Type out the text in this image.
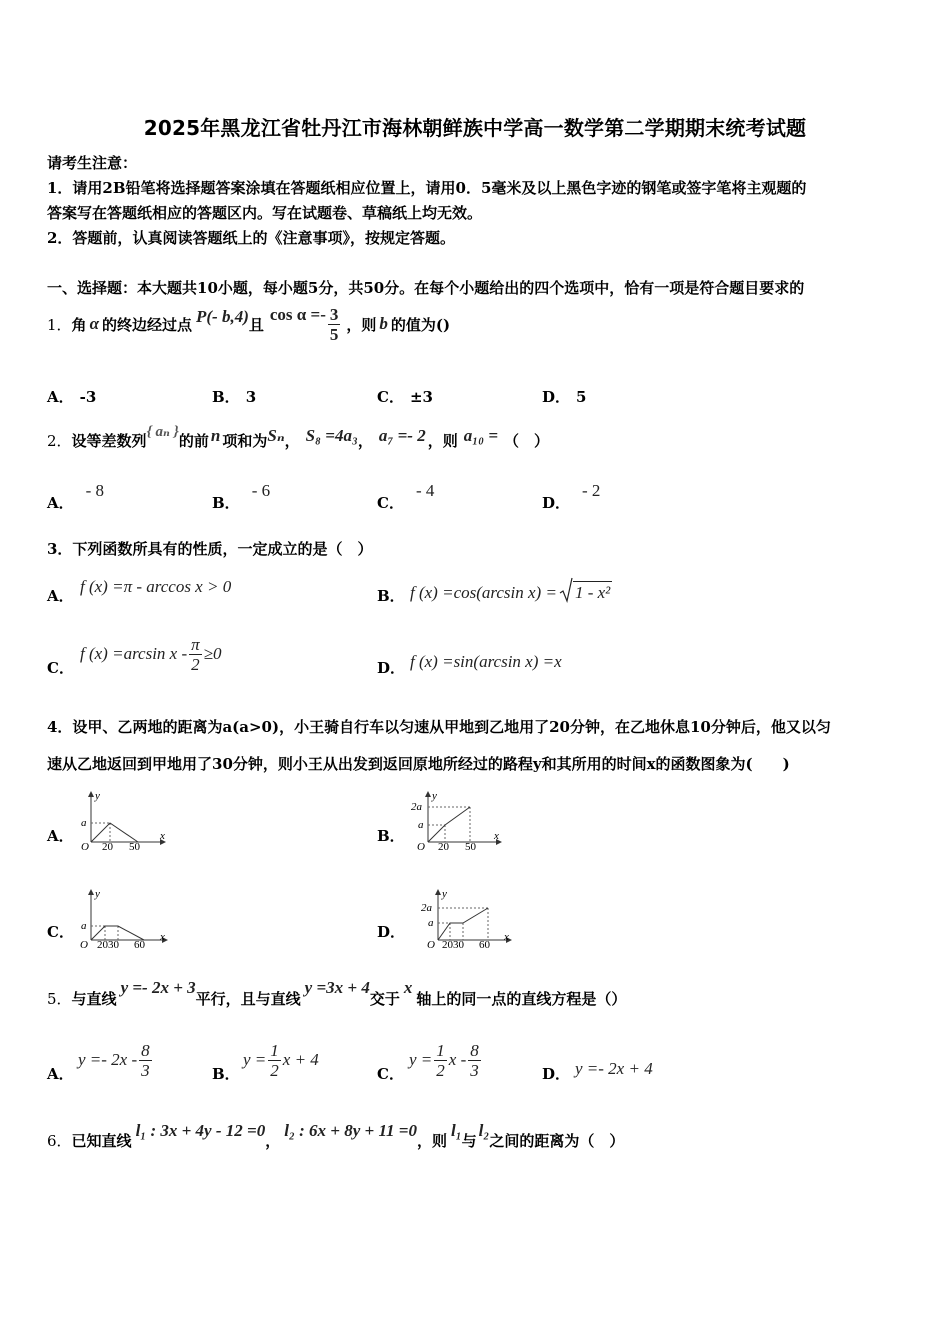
2025年黑龙江省牡丹江市海林朝鲜族中学高一数学第二学期期末统考试题
请考生注意：
1．请用2B铅笔将选择题答案涂填在答题纸相应位置上，请用0．5毫米及以上黑色字迹的钢笔或签字笔将主观题的
答案写在答题纸相应的答题区内。写在试题卷、草稿纸上均无效。
2．答题前，认真阅读答题纸上的《注意事项》，按规定答题。
一、选择题：本大题共10小题，每小题5分，共50分。在每个小题给出的四个选项中，恰有一项是符合题目要求的
1． 角 α 的终边经过点 P(- b,4) 且
$\cos \alpha =- \frac{3}{5}$ ，则 b 的值为()
A． -3	B． 3	C． ±3	D． 5
2． 设等差数列 { aₙ } 的前 n 项和为 Sₙ ， S₈ =4a₃ ， a₇ =- 2 ，则 a₁₀ = （　）
A．- 8
B．- 6
C．- 4
D．- 2
3．下列函数所具有的性质，一定成立的是（　）
A． f (x) =π - arccos x > 0	B． f (x) =cos(arcsin x) = 1 - x²
C．
f (x) =arcsin $x - \frac{\pi}{2} \ge 0$
D． f (x) =sin(arcsin x) =x
4．设甲、乙两地的距离为a(a>0)，小王骑自行车以匀速从甲地到乙地用了20分钟，在乙地休息10分钟后，他又以匀
速从乙地返回到甲地用了30分钟，则小王从出发到返回原地所经过的路程y和其所用的时间x的函数图象为(　　)
A．	B．
C．	D．
y
x
O
a
20 50
y
x
O
2a
a
20 50
y
x
O
a
2030 60
y
x
O
2a
a
2030 60
5． 与直线
y =- 2x + 3
平行，且与直线
y =3x + 4
交于
x
轴上的同一点的直线方程是（）
A．
$y =- 2x - \frac{8}{3}$	B．
$y = \frac{1}{2}$ x + 4
C．
$y = \frac{1}{2}$ x - $\frac{8}{3}$	D． y =- 2x + 4
6． 已知直线
l₁ : 3x + 4y - 12 =0
，
l₂ : 6x + 8y + 11 =0
，则
l₁
与
l₂
之间的距离为（　）
